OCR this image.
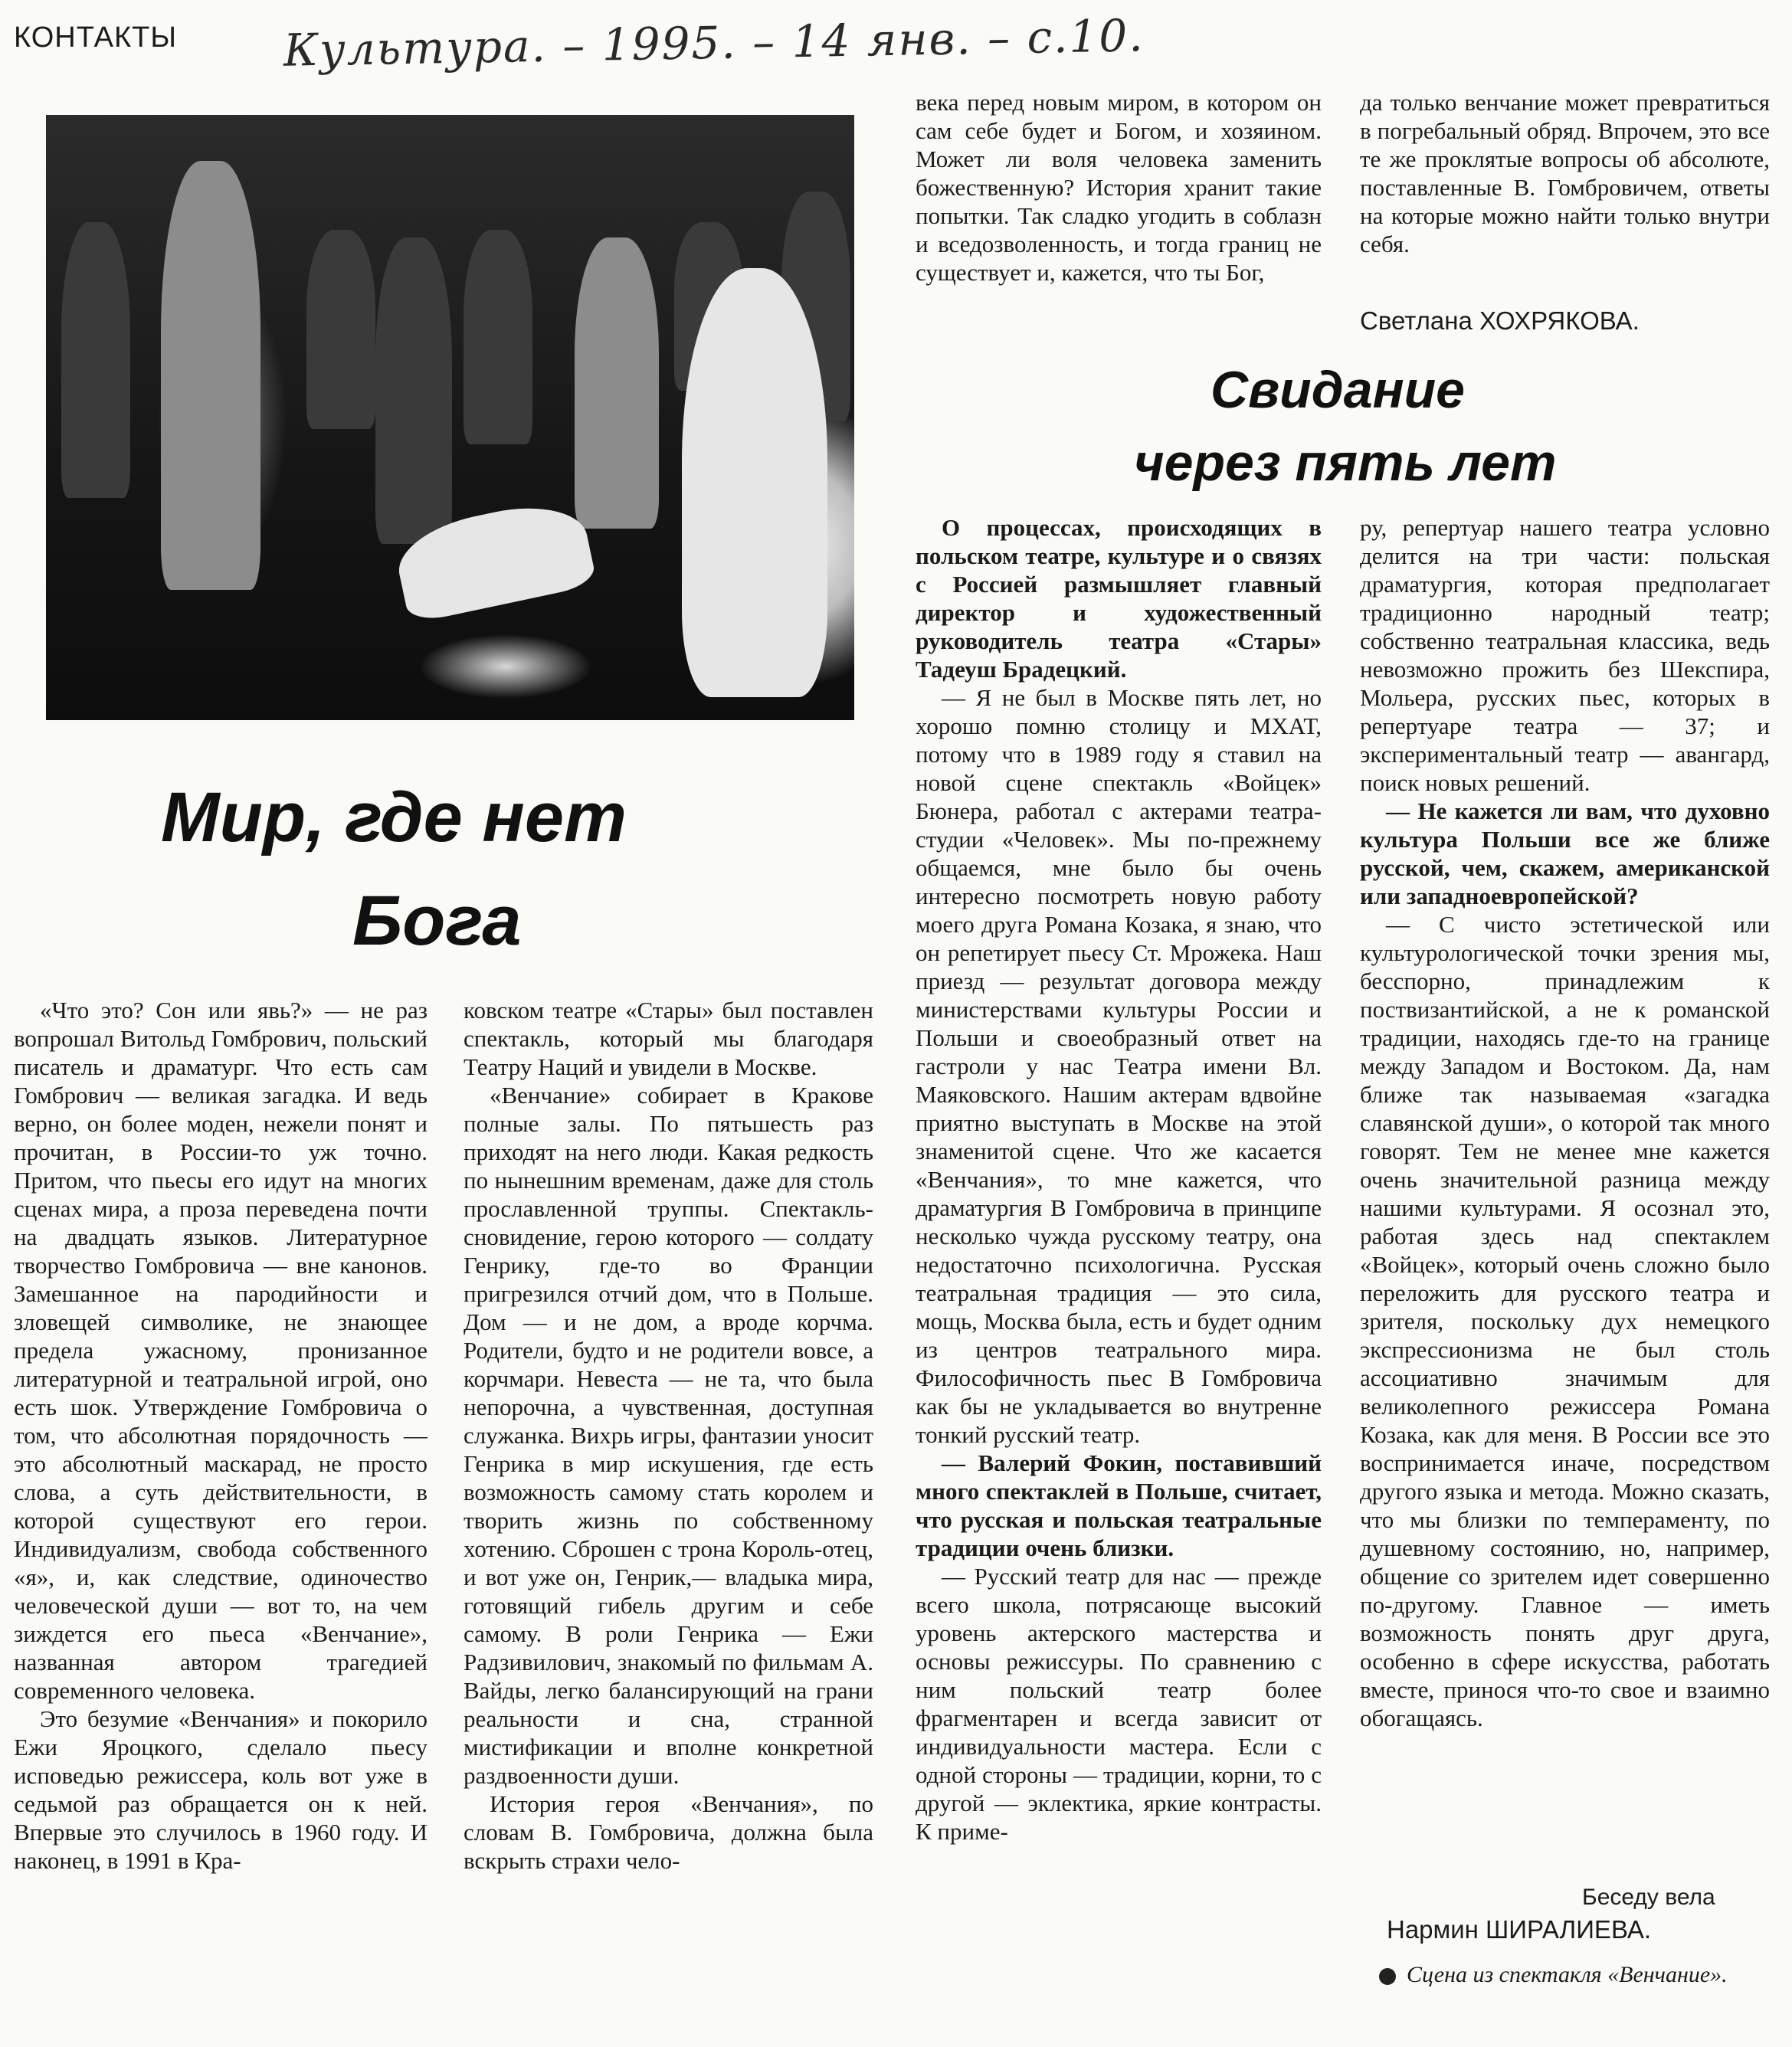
КОНТАКТЫ Культура. – 1995. – 14 янв. – с.10.
Мир, где нет
Бога
Свидание
через пять лет

«Что это? Сон или явь?» — не раз вопрошал Витольд Гомбрович, польский писатель и драматург. Что есть сам Гомбрович — великая загадка. И ведь верно, он более моден, нежели понят и прочитан, в России-то уж точно. Притом, что пьесы его идут на многих сценах мира, а проза переведена почти на двадцать языков. Литературное творчество Гомбровича — вне канонов. Замешанное на пародийности и зловещей символике, не знающее предела ужасному, пронизанное литературной и театральной игрой, оно есть шок. Утверждение Гомбровича о том, что абсолютная порядочность — это абсолютный маскарад, не просто слова, а суть действительности, в которой существуют его герои. Индивидуализм, свобода собственного «я», и, как следствие, одиночество человеческой души — вот то, на чем зиждется его пьеса «Венчание», названная автором трагедией современного человека.

Это безумие «Венчания» и покорило Ежи Яроцкого, сделало пьесу исповедью режиссера, коль вот уже в седьмой раз обращается он к ней. Впервые это случилось в 1960 году. И наконец, в 1991 в Кра-

ковском театре «Стары» был поставлен спектакль, который мы благодаря Театру Наций и увидели в Москве.

«Венчание» собирает в Кракове полные залы. По пятьшесть раз приходят на него люди. Какая редкость по нынешним временам, даже для столь прославленной труппы. Спектакль-сновидение, герою которого — солдату Генрику, где-то во Франции пригрезился отчий дом, что в Польше. Дом — и не дом, а вроде корчма. Родители, будто и не родители вовсе, а корчмари. Невеста — не та, что была непорочна, а чувственная, доступная служанка. Вихрь игры, фантазии уносит Генрика в мир искушения, где есть возможность самому стать королем и творить жизнь по собственному хотению. Сброшен с трона Король-отец, и вот уже он, Генрик,— владыка мира, готовящий гибель другим и себе самому. В роли Генрика — Ежи Радзивилович, знакомый по фильмам А. Вайды, легко балансирующий на грани реальности и сна, странной мистификации и вполне конкретной раздвоенности души.

История героя «Венчания», по словам В. Гомбровича, должна была вскрыть страхи чело-

века перед новым миром, в котором он сам себе будет и Богом, и хозяином. Может ли воля человека заменить божественную? История хранит такие попытки. Так сладко угодить в соблазн и вседозволенность, и тогда границ не существует и, кажется, что ты Бог,

да только венчание может превратиться в погребальный обряд. Впрочем, это все те же проклятые вопросы об абсолюте, поставленные В. Гомбровичем, ответы на которые можно найти только внутри себя.

Светлана ХОХРЯКОВА.

О процессах, происходящих в польском театре, культуре и о связях с Россией размышляет главный директор и художественный руководитель театра «Стары» Тадеуш Брадецкий.

— Я не был в Москве пять лет, но хорошо помню столицу и МХАТ, потому что в 1989 году я ставил на новой сцене спектакль «Войцек» Бюнера, работал с актерами театра-студии «Человек». Мы по-прежнему общаемся, мне было бы очень интересно посмотреть новую работу моего друга Романа Козака, я знаю, что он репетирует пьесу Ст. Мрожека. Наш приезд — результат договора между министерствами культуры России и Польши и своеобразный ответ на гастроли у нас Театра имени Вл. Маяковского. Нашим актерам вдвойне приятно выступать в Москве на этой знаменитой сцене. Что же касается «Венчания», то мне кажется, что драматургия В Гомбровича в принципе несколько чужда русскому театру, она недостаточно психологична. Русская театральная традиция — это сила, мощь, Москва была, есть и будет одним из центров театрального мира. Философичность пьес В Гомбровича как бы не укладывается во внутренне тонкий русский театр.

— Валерий Фокин, поставивший много спектаклей в Польше, считает, что русская и польская театральные традиции очень близки.

— Русский театр для нас — прежде всего школа, потрясающе высокий уровень актерского мастерства и основы режиссуры. По сравнению с ним польский театр более фрагментарен и всегда зависит от индивидуальности мастера. Если с одной стороны — традиции, корни, то с другой — эклектика, яркие контрасты. К приме-

ру, репертуар нашего театра условно делится на три части: польская драматургия, которая предполагает традиционно народный театр; собственно театральная классика, ведь невозможно прожить без Шекспира, Мольера, русских пьес, которых в репертуаре театра — 37; и экспериментальный театр — авангард, поиск новых решений.

— Не кажется ли вам, что духовно культура Польши все же ближе русской, чем, скажем, американской или западноевропейской?

— С чисто эстетической или культурологической точки зрения мы, бесспорно, принадлежим к поствизантийской, а не к романской традиции, находясь где-то на границе между Западом и Востоком. Да, нам ближе так называемая «загадка славянской души», о которой так много говорят. Тем не менее мне кажется очень значительной разница между нашими культурами. Я осознал это, работая здесь над спектаклем «Войцек», который очень сложно было переложить для русского театра и зрителя, поскольку дух немецкого экспрессионизма не был столь ассоциативно значимым для великолепного режиссера Романа Козака, как для меня. В России все это воспринимается иначе, посредством другого языка и метода. Можно сказать, что мы близки по темпераменту, по душевному состоянию, но, например, общение со зрителем идет совершенно по-другому. Главное — иметь возможность понять друг друга, особенно в сфере искусства, работать вместе, принося что-то свое и взаимно обогащаясь.

Беседу вела
Нармин ШИРАЛИЕВА.
Сцена из спектакля «Венчание».
